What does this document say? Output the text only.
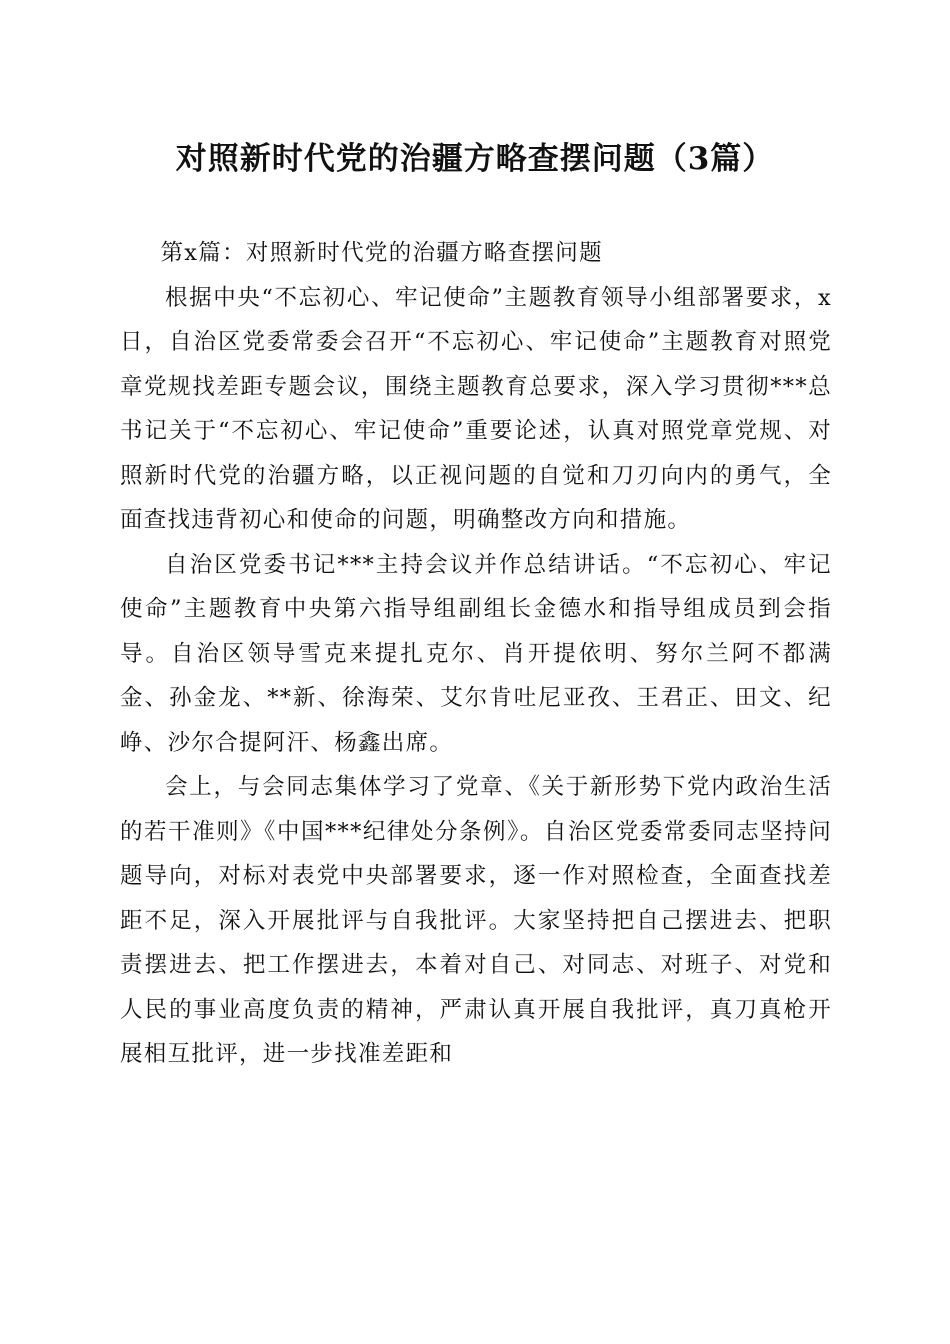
对照新时代党的治疆方略查摆问题（3篇）

第x篇：对照新时代党的治疆方略查摆问题

根据中央“不忘初心、牢记使命”主题教育领导小组部署要求，x日，自治区党委常委会召开“不忘初心、牢记使命”主题教育对照党章党规找差距专题会议，围绕主题教育总要求，深入学习贯彻***总书记关于“不忘初心、牢记使命”重要论述，认真对照党章党规、对照新时代党的治疆方略，以正视问题的自觉和刀刃向内的勇气，全面查找违背初心和使命的问题，明确整改方向和措施。

自治区党委书记***主持会议并作总结讲话。“不忘初心、牢记使命”主题教育中央第六指导组副组长金德水和指导组成员到会指导。自治区领导雪克来提扎克尔、肖开提依明、努尔兰阿不都满金、孙金龙、**新、徐海荣、艾尔肯吐尼亚孜、王君正、田文、纪峥、沙尔合提阿汗、杨鑫出席。

会上，与会同志集体学习了党章、《关于新形势下党内政治生活的若干准则》《中国***纪律处分条例》。自治区党委常委同志坚持问题导向，对标对表党中央部署要求，逐一作对照检查，全面查找差距不足，深入开展批评与自我批评。大家坚持把自己摆进去、把职责摆进去、把工作摆进去，本着对自己、对同志、对班子、对党和人民的事业高度负责的精神，严肃认真开展自我批评，真刀真枪开展相互批评，进一步找准差距和
